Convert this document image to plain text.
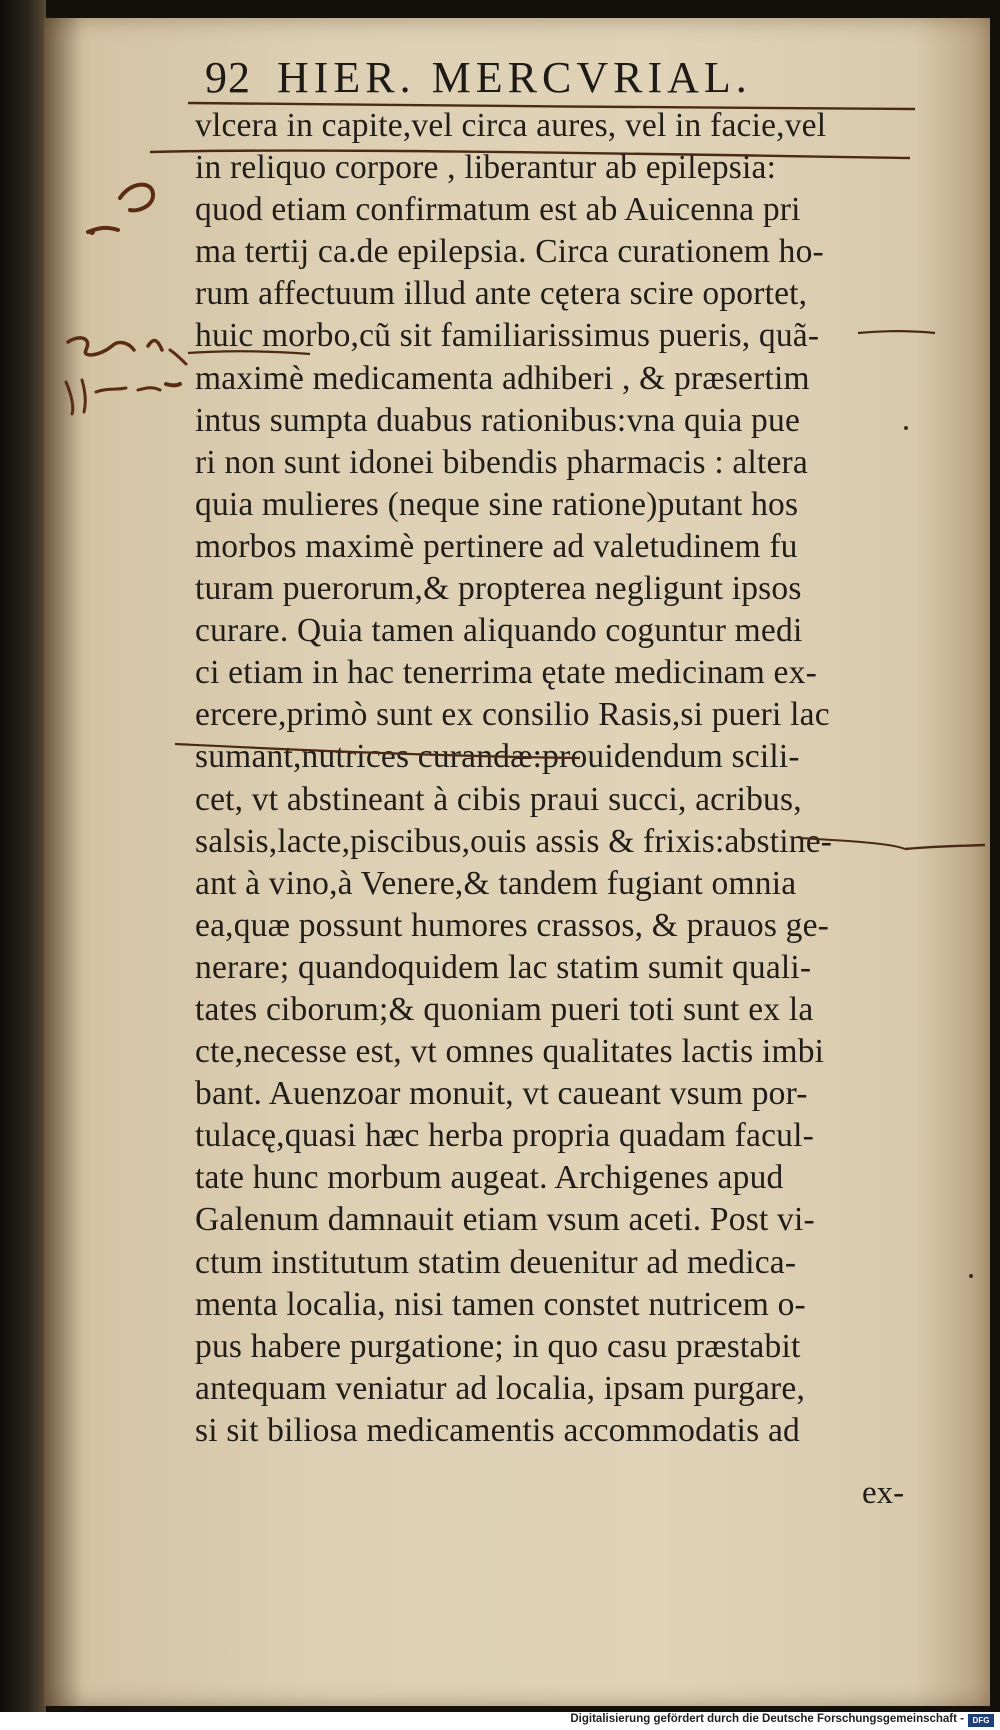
92 HIER. MERCVRIAL.
vlcera in capite,vel circa aures, vel in facie,vel
in reliquo corpore , liberantur ab epilepsia:
quod etiam confirmatum est ab Auicenna pri
ma tertij ca.de epilepsia. Circa curationem ho-
rum affectuum illud ante cętera scire oportet,
huic morbo,cũ sit familiarissimus pueris, quã-
maximè medicamenta adhiberi , & præsertim
intus sumpta duabus rationibus:vna quia pue
ri non sunt idonei bibendis pharmacis : altera
quia mulieres (neque sine ratione)putant hos
morbos maximè pertinere ad valetudinem fu
turam puerorum,& propterea negligunt ipsos
curare. Quia tamen aliquando coguntur medi
ci etiam in hac tenerrima ętate medicinam ex-
ercere,primò sunt ex consilio Rasis,si pueri lac
sumant,nutrices curandæ:prouidendum scili-
cet, vt abstineant à cibis praui succi, acribus,
salsis,lacte,piscibus,ouis assis & frixis:abstine-
ant à vino,à Venere,& tandem fugiant omnia
ea,quæ possunt humores crassos, & prauos ge-
nerare; quandoquidem lac statim sumit quali-
tates ciborum;& quoniam pueri toti sunt ex la
cte,necesse est, vt omnes qualitates lactis imbi
bant. Auenzoar monuit, vt caueant vsum por-
tulacę,quasi hæc herba propria quadam facul-
tate hunc morbum augeat. Archigenes apud
Galenum damnauit etiam vsum aceti. Post vi-
ctum institutum statim deuenitur ad medica-
menta localia, nisi tamen constet nutricem o-
pus habere purgatione; in quo casu præstabit
antequam veniatur ad localia, ipsam purgare,
si sit biliosa medicamentis accommodatis ad
ex-
Digitalisierung gefördert durch die Deutsche Forschungsgemeinschaft -	DFG
